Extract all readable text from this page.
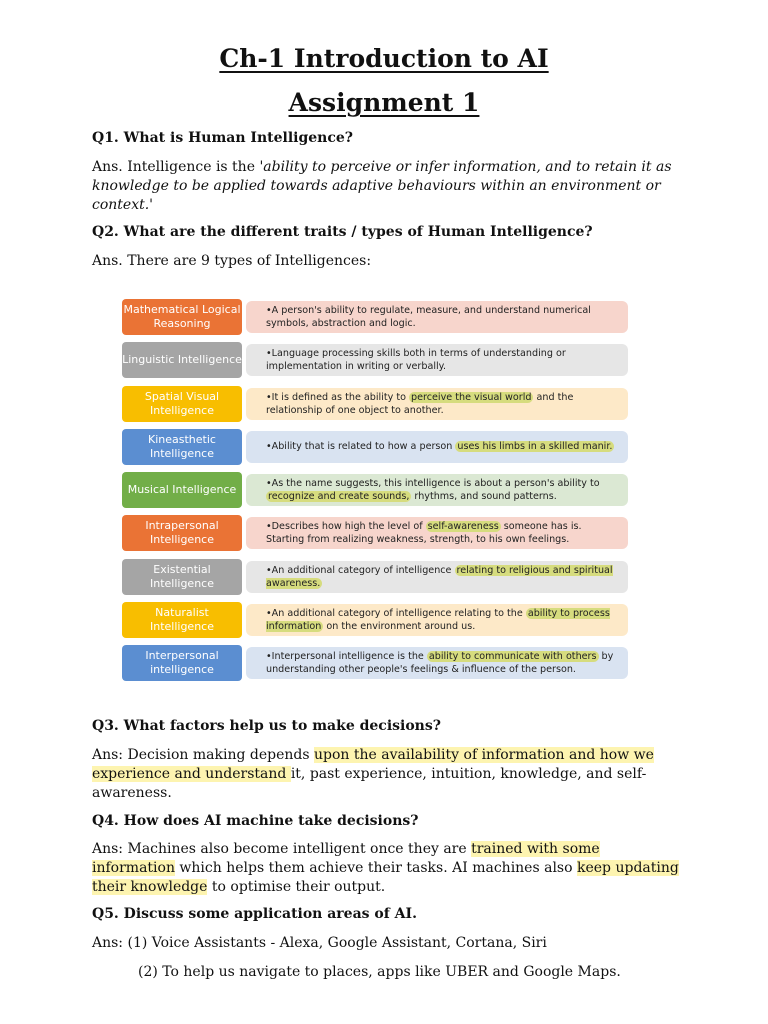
Ch-1 Introduction to AI
Assignment 1
Q1. What is Human Intelligence?
Ans. Intelligence is the 'ability to perceive or infer information, and to retain it as knowledge to be applied towards adaptive behaviours within an environment or context.'
Q2. What are the different traits / types of Human Intelligence?
Ans. There are 9 types of Intelligences:
Mathematical Logical Reasoning
•A person's ability to regulate, measure, and understand numerical symbols, abstraction and logic.
Linguistic Intelligence	•Language processing skills both in terms of understanding or implementation in writing or verbally.
Spatial Visual Intelligence
•It is defined as the ability to perceive the visual world and the relationship of one object to another.
Kineasthetic Intelligence	•Ability that is related to how a person uses his limbs in a skilled manir.
Musical Intelligence	•As the name suggests, this intelligence is about a person's ability to recognize and create sounds, rhythms, and sound patterns.
Intrapersonal Intelligence
•Describes how high the level of self-awareness someone has is. Starting from realizing weakness, strength, to his own feelings.
Existential Intelligence
•An additional category of intelligence relating to religious and spiritual awareness.
Naturalist Intelligence
•An additional category of intelligence relating to the ability to process information on the environment around us.
Interpersonal intelligence
•Interpersonal intelligence is the ability to communicate with others by understanding other people's feelings & influence of the person.
Q3. What factors help us to make decisions?
Ans: Decision making depends upon the availability of information and how we experience and understand it, past experience, intuition, knowledge, and self-awareness.
Q4. How does AI machine take decisions?
Ans: Machines also become intelligent once they are trained with some information which helps them achieve their tasks. AI machines also keep updating their knowledge to optimise their output.
Q5. Discuss some application areas of AI.
Ans: (1) Voice Assistants - Alexa, Google Assistant, Cortana, Siri
(2) To help us navigate to places, apps like UBER and Google Maps.
